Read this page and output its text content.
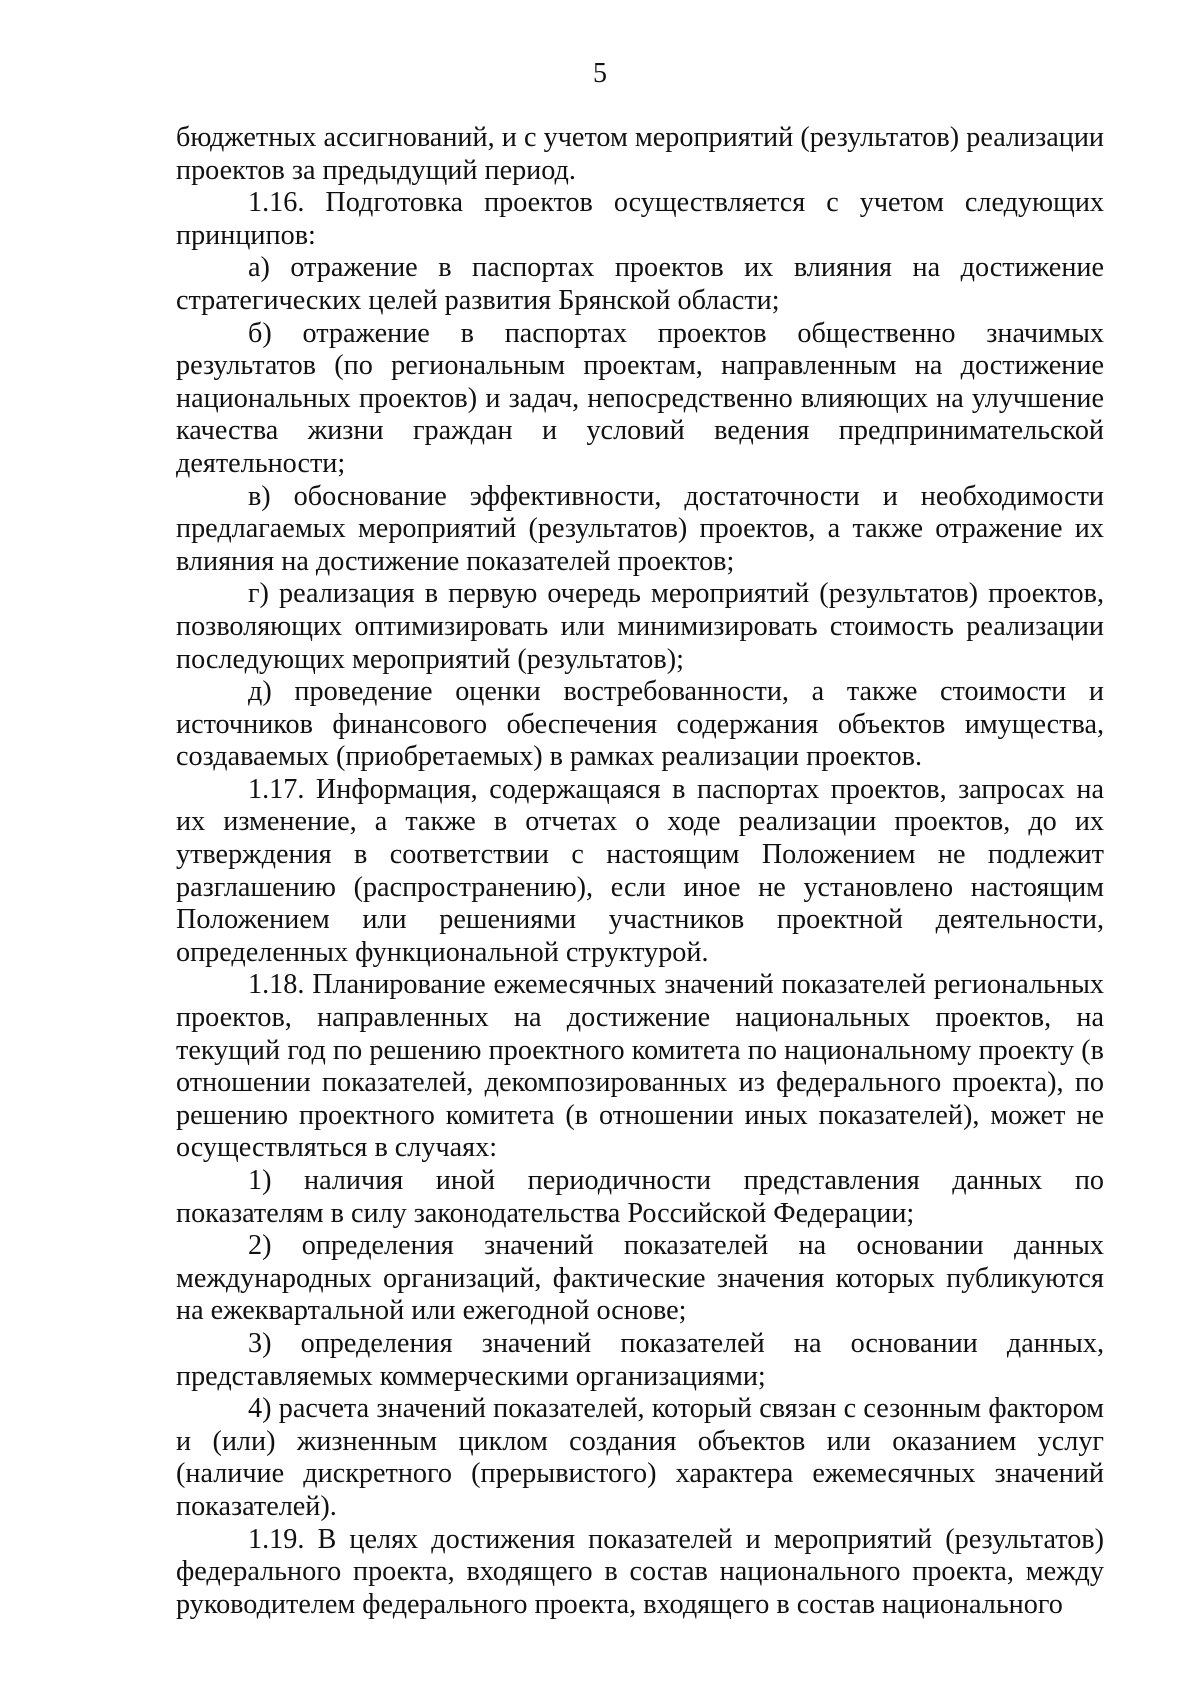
5

бюджетных ассигнований, и с учетом мероприятий (результатов) реализации проектов за предыдущий период.

1.16. Подготовка проектов осуществляется с учетом следующих принципов:

а) отражение в паспортах проектов их влияния на достижение стратегических целей развития Брянской области;

б) отражение в паспортах проектов общественно значимых результатов (по региональным проектам, направленным на достижение национальных проектов) и задач, непосредственно влияющих на улучшение качества жизни граждан и условий ведения предпринимательской деятельности;

в) обоснование эффективности, достаточности и необходимости предлагаемых мероприятий (результатов) проектов, а также отражение их влияния на достижение показателей проектов;

г) реализация в первую очередь мероприятий (результатов) проектов, позволяющих оптимизировать или минимизировать стоимость реализации последующих мероприятий (результатов);

д) проведение оценки востребованности, а также стоимости и источников финансового обеспечения содержания объектов имущества, создаваемых (приобретаемых) в рамках реализации проектов.

1.17. Информация, содержащаяся в паспортах проектов, запросах на их изменение, а также в отчетах о ходе реализации проектов, до их утверждения в соответствии с настоящим Положением не подлежит разглашению (распространению), если иное не установлено настоящим Положением или решениями участников проектной деятельности, определенных функциональной структурой.

1.18. Планирование ежемесячных значений показателей региональных проектов, направленных на достижение национальных проектов, на текущий год по решению проектного комитета по национальному проекту (в отношении показателей, декомпозированных из федерального проекта), по решению проектного комитета (в отношении иных показателей), может не осуществляться в случаях:

1) наличия иной периодичности представления данных по показателям в силу законодательства Российской Федерации;

2) определения значений показателей на основании данных международных организаций, фактические значения которых публикуются на ежеквартальной или ежегодной основе;

3) определения значений показателей на основании данных, представляемых коммерческими организациями;

4) расчета значений показателей, который связан с сезонным фактором и (или) жизненным циклом создания объектов или оказанием услуг (наличие дискретного (прерывистого) характера ежемесячных значений показателей).

1.19. В целях достижения показателей и мероприятий (результатов) федерального проекта, входящего в состав национального проекта, между руководителем федерального проекта, входящего в состав национального
